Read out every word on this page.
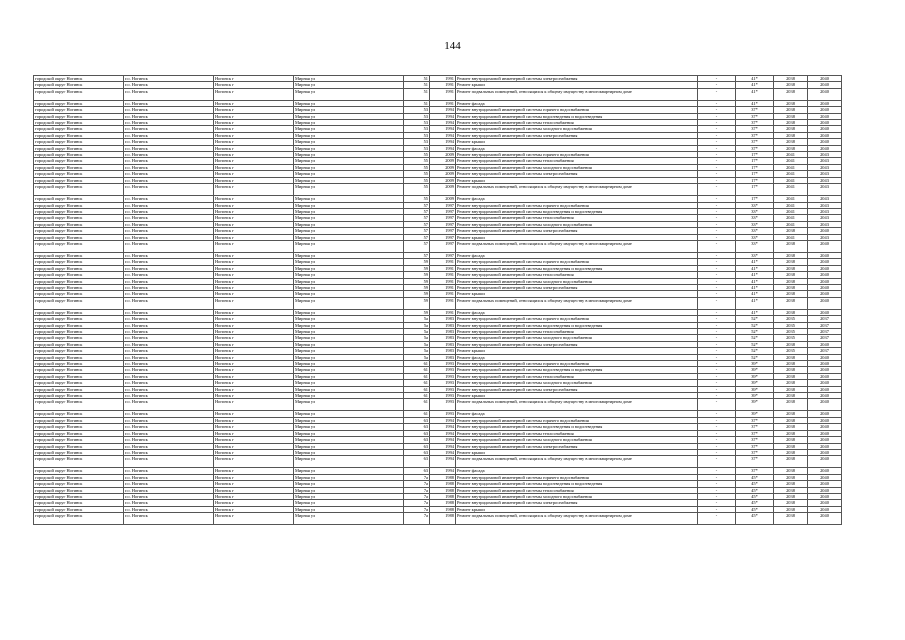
144
городской округ Ногинск	г.о. Ногинск	Ногинск г	Мирная ул	51	1991	Ремонт внутридомовой инженерной системы электроснабжения	-	41*	2038	2040
городской округ Ногинск	г.о. Ногинск	Ногинск г	Мирная ул	51	1991	Ремонт крыши	-	41*	2038	2040
городской округ Ногинск	г.о. Ногинск	Ногинск г	Мирная ул	51	1991	Ремонт подвальных помещений, относящихся к общему имуществу в многоквартирном доме	-	41*	2038	2040
городской округ Ногинск	г.о. Ногинск	Ногинск г	Мирная ул	51	1991	Ремонт фасада	-	41*	2038	2040
городской округ Ногинск	г.о. Ногинск	Ногинск г	Мирная ул	53	1994	Ремонт внутридомовой инженерной системы горячего водоснабжения	-	37*	2038	2040
городской округ Ногинск	г.о. Ногинск	Ногинск г	Мирная ул	53	1994	Ремонт внутридомовой инженерной системы водоотведения и водоотведения	-	37*	2038	2040
городской округ Ногинск	г.о. Ногинск	Ногинск г	Мирная ул	53	1994	Ремонт внутридомовой инженерной системы теплоснабжения	-	37*	2038	2040
городской округ Ногинск	г.о. Ногинск	Ногинск г	Мирная ул	53	1994	Ремонт внутридомовой инженерной системы холодного водоснабжения	-	37*	2038	2040
городской округ Ногинск	г.о. Ногинск	Ногинск г	Мирная ул	53	1994	Ремонт внутридомовой инженерной системы электроснабжения	-	37*	2038	2040
городской округ Ногинск	г.о. Ногинск	Ногинск г	Мирная ул	53	1994	Ремонт крыши	-	37*	2038	2040
городской округ Ногинск	г.о. Ногинск	Ногинск г	Мирная ул	53	1994	Ремонт фасада	-	37*	2038	2040
городской округ Ногинск	г.о. Ногинск	Ногинск г	Мирная ул	55	2009	Ремонт внутридомовой инженерной системы горячего водоснабжения	-	17*	2041	2043
городской округ Ногинск	г.о. Ногинск	Ногинск г	Мирная ул	55	2009	Ремонт внутридомовой инженерной системы теплоснабжения	-	17*	2041	2043
городской округ Ногинск	г.о. Ногинск	Ногинск г	Мирная ул	55	2009	Ремонт внутридомовой инженерной системы холодного водоснабжения	-	17*	2041	2043
городской округ Ногинск	г.о. Ногинск	Ногинск г	Мирная ул	55	2009	Ремонт внутридомовой инженерной системы электроснабжения	-	17*	2041	2043
городской округ Ногинск	г.о. Ногинск	Ногинск г	Мирная ул	55	2009	Ремонт крыши	-	17*	2041	2043
городской округ Ногинск	г.о. Ногинск	Ногинск г	Мирная ул	55	2009	Ремонт подвальных помещений, относящихся к общему имуществу в многоквартирном доме	-	17*	2041	2043
городской округ Ногинск	г.о. Ногинск	Ногинск г	Мирная ул	55	2009	Ремонт фасада	-	17*	2041	2043
городской округ Ногинск	г.о. Ногинск	Ногинск г	Мирная ул	57	1997	Ремонт внутридомовой инженерной системы горячего водоснабжения	-	33*	2041	2043
городской округ Ногинск	г.о. Ногинск	Ногинск г	Мирная ул	57	1997	Ремонт внутридомовой инженерной системы водоотведения и водоотведения	-	33*	2041	2043
городской округ Ногинск	г.о. Ногинск	Ногинск г	Мирная ул	57	1997	Ремонт внутридомовой инженерной системы теплоснабжения	-	33*	2041	2043
городской округ Ногинск	г.о. Ногинск	Ногинск г	Мирная ул	57	1997	Ремонт внутридомовой инженерной системы холодного водоснабжения	-	33*	2041	2043
городской округ Ногинск	г.о. Ногинск	Ногинск г	Мирная ул	57	1997	Ремонт внутридомовой инженерной системы электроснабжения	-	33*	2038	2040
городской округ Ногинск	г.о. Ногинск	Ногинск г	Мирная ул	57	1997	Ремонт крыши	-	33*	2041	2043
городской округ Ногинск	г.о. Ногинск	Ногинск г	Мирная ул	57	1997	Ремонт подвальных помещений, относящихся к общему имуществу в многоквартирном доме	-	33*	2038	2040
городской округ Ногинск	г.о. Ногинск	Ногинск г	Мирная ул	57	1997	Ремонт фасада	-	33*	2038	2040
городской округ Ногинск	г.о. Ногинск	Ногинск г	Мирная ул	59	1991	Ремонт внутридомовой инженерной системы горячего водоснабжения	-	41*	2038	2040
городской округ Ногинск	г.о. Ногинск	Ногинск г	Мирная ул	59	1991	Ремонт внутридомовой инженерной системы водоотведения и водоотведения	-	41*	2038	2040
городской округ Ногинск	г.о. Ногинск	Ногинск г	Мирная ул	59	1991	Ремонт внутридомовой инженерной системы теплоснабжения	-	41*	2038	2040
городской округ Ногинск	г.о. Ногинск	Ногинск г	Мирная ул	59	1991	Ремонт внутридомовой инженерной системы холодного водоснабжения	-	41*	2038	2040
городской округ Ногинск	г.о. Ногинск	Ногинск г	Мирная ул	59	1991	Ремонт внутридомовой инженерной системы электроснабжения	-	41*	2038	2040
городской округ Ногинск	г.о. Ногинск	Ногинск г	Мирная ул	59	1991	Ремонт крыши	-	41*	2038	2040
городской округ Ногинск	г.о. Ногинск	Ногинск г	Мирная ул	59	1991	Ремонт подвальных помещений, относящихся к общему имуществу в многоквартирном доме	-	41*	2038	2040
городской округ Ногинск	г.о. Ногинск	Ногинск г	Мирная ул	59	1991	Ремонт фасада	-	41*	2038	2040
городской округ Ногинск	г.о. Ногинск	Ногинск г	Мирная ул	5а	1983	Ремонт внутридомовой инженерной системы горячего водоснабжения	-	52*	2035	2037
городской округ Ногинск	г.о. Ногинск	Ногинск г	Мирная ул	5а	1983	Ремонт внутридомовой инженерной системы водоотведения и водоотведения	-	52*	2035	2037
городской округ Ногинск	г.о. Ногинск	Ногинск г	Мирная ул	5а	1983	Ремонт внутридомовой инженерной системы теплоснабжения	-	52*	2035	2037
городской округ Ногинск	г.о. Ногинск	Ногинск г	Мирная ул	5а	1983	Ремонт внутридомовой инженерной системы холодного водоснабжения	-	52*	2035	2037
городской округ Ногинск	г.о. Ногинск	Ногинск г	Мирная ул	5а	1983	Ремонт внутридомовой инженерной системы электроснабжения	-	52*	2038	2040
городской округ Ногинск	г.о. Ногинск	Ногинск г	Мирная ул	5а	1983	Ремонт крыши	-	52*	2035	2037
городской округ Ногинск	г.о. Ногинск	Ногинск г	Мирная ул	5а	1983	Ремонт фасада	-	52*	2038	2040
городской округ Ногинск	г.о. Ногинск	Ногинск г	Мирная ул	61	1993	Ремонт внутридомовой инженерной системы горячего водоснабжения	-	39*	2038	2040
городской округ Ногинск	г.о. Ногинск	Ногинск г	Мирная ул	61	1993	Ремонт внутридомовой инженерной системы водоотведения и водоотведения	-	39*	2038	2040
городской округ Ногинск	г.о. Ногинск	Ногинск г	Мирная ул	61	1993	Ремонт внутридомовой инженерной системы теплоснабжения	-	39*	2038	2040
городской округ Ногинск	г.о. Ногинск	Ногинск г	Мирная ул	61	1993	Ремонт внутридомовой инженерной системы холодного водоснабжения	-	39*	2038	2040
городской округ Ногинск	г.о. Ногинск	Ногинск г	Мирная ул	61	1993	Ремонт внутридомовой инженерной системы электроснабжения	-	39*	2038	2040
городской округ Ногинск	г.о. Ногинск	Ногинск г	Мирная ул	61	1993	Ремонт крыши	-	39*	2038	2040
городской округ Ногинск	г.о. Ногинск	Ногинск г	Мирная ул	61	1993	Ремонт подвальных помещений, относящихся к общему имуществу в многоквартирном доме	-	39*	2038	2040
городской округ Ногинск	г.о. Ногинск	Ногинск г	Мирная ул	61	1993	Ремонт фасада	-	39*	2038	2040
городской округ Ногинск	г.о. Ногинск	Ногинск г	Мирная ул	63	1994	Ремонт внутридомовой инженерной системы горячего водоснабжения	-	37*	2038	2040
городской округ Ногинск	г.о. Ногинск	Ногинск г	Мирная ул	63	1994	Ремонт внутридомовой инженерной системы водоотведения и водоотведения	-	37*	2038	2040
городской округ Ногинск	г.о. Ногинск	Ногинск г	Мирная ул	63	1994	Ремонт внутридомовой инженерной системы теплоснабжения	-	37*	2038	2040
городской округ Ногинск	г.о. Ногинск	Ногинск г	Мирная ул	63	1994	Ремонт внутридомовой инженерной системы холодного водоснабжения	-	37*	2038	2040
городской округ Ногинск	г.о. Ногинск	Ногинск г	Мирная ул	63	1994	Ремонт внутридомовой инженерной системы электроснабжения	-	37*	2038	2040
городской округ Ногинск	г.о. Ногинск	Ногинск г	Мирная ул	63	1994	Ремонт крыши	-	37*	2038	2040
городской округ Ногинск	г.о. Ногинск	Ногинск г	Мирная ул	63	1994	Ремонт подвальных помещений, относящихся к общему имуществу в многоквартирном доме	-	37*	2038	2040
городской округ Ногинск	г.о. Ногинск	Ногинск г	Мирная ул	63	1994	Ремонт фасада	-	37*	2038	2040
городской округ Ногинск	г.о. Ногинск	Ногинск г	Мирная ул	7а	1988	Ремонт внутридомовой инженерной системы горячего водоснабжения	-	45*	2038	2040
городской округ Ногинск	г.о. Ногинск	Ногинск г	Мирная ул	7а	1988	Ремонт внутридомовой инженерной системы водоотведения и водоотведения	-	45*	2038	2040
городской округ Ногинск	г.о. Ногинск	Ногинск г	Мирная ул	7а	1988	Ремонт внутридомовой инженерной системы теплоснабжения	-	45*	2038	2040
городской округ Ногинск	г.о. Ногинск	Ногинск г	Мирная ул	7а	1988	Ремонт внутридомовой инженерной системы холодного водоснабжения	-	45*	2038	2040
городской округ Ногинск	г.о. Ногинск	Ногинск г	Мирная ул	7а	1988	Ремонт внутридомовой инженерной системы электроснабжения	-	45*	2038	2040
городской округ Ногинск	г.о. Ногинск	Ногинск г	Мирная ул	7а	1988	Ремонт крыши	-	45*	2038	2040
городской округ Ногинск	г.о. Ногинск	Ногинск г	Мирная ул	7а	1988	Ремонт подвальных помещений, относящихся к общему имуществу в многоквартирном доме	-	45*	2038	2040
